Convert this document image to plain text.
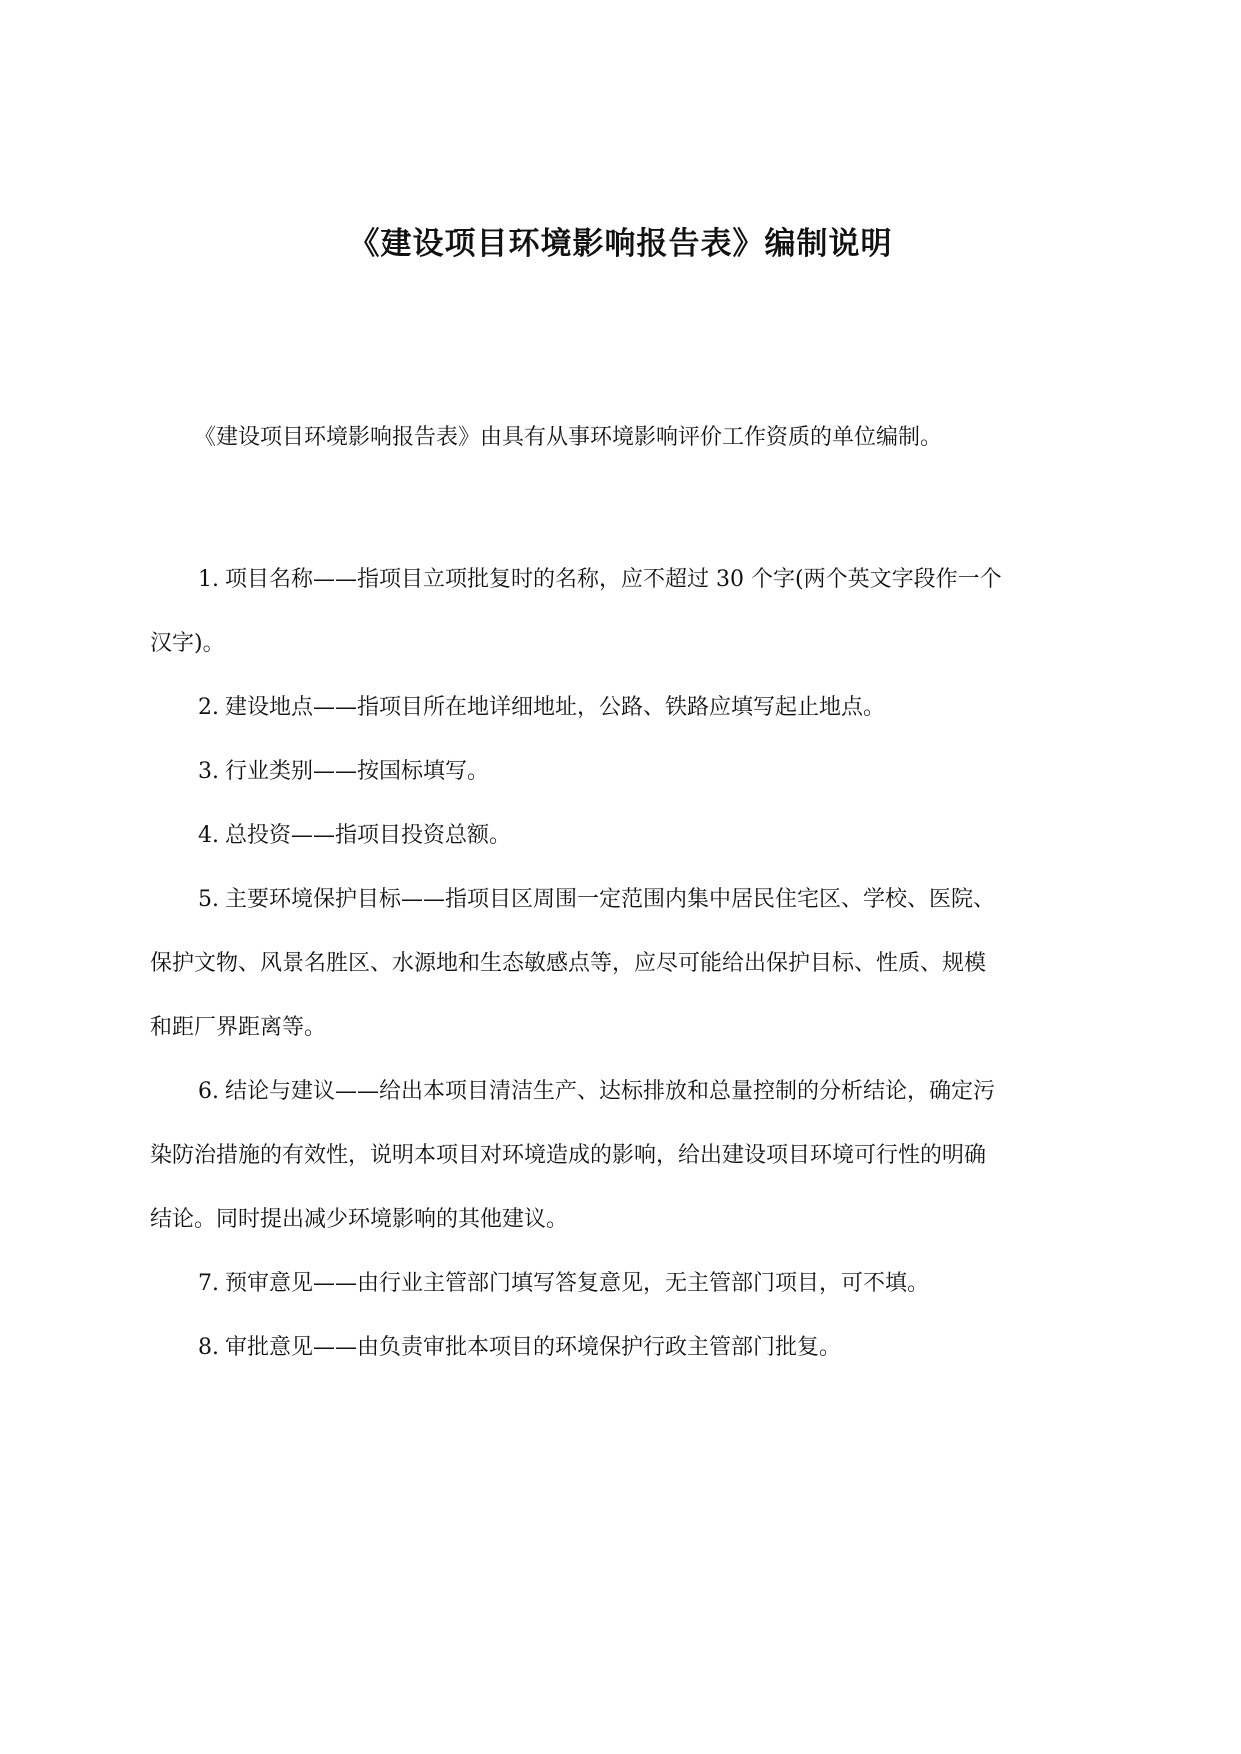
《建设项目环境影响报告表》编制说明
《建设项目环境影响报告表》由具有从事环境影响评价工作资质的单位编制。
1. 项目名称——指项目立项批复时的名称，应不超过 30 个字(两个英文字段作一个
汉字)。
2. 建设地点——指项目所在地详细地址，公路、铁路应填写起止地点。
3. 行业类别——按国标填写。
4. 总投资——指项目投资总额。
5. 主要环境保护目标——指项目区周围一定范围内集中居民住宅区、学校、医院、
保护文物、风景名胜区、水源地和生态敏感点等，应尽可能给出保护目标、性质、规模
和距厂界距离等。
6. 结论与建议——给出本项目清洁生产、达标排放和总量控制的分析结论，确定污
染防治措施的有效性，说明本项目对环境造成的影响，给出建设项目环境可行性的明确
结论。同时提出减少环境影响的其他建议。
7. 预审意见——由行业主管部门填写答复意见，无主管部门项目，可不填。
8. 审批意见——由负责审批本项目的环境保护行政主管部门批复。
